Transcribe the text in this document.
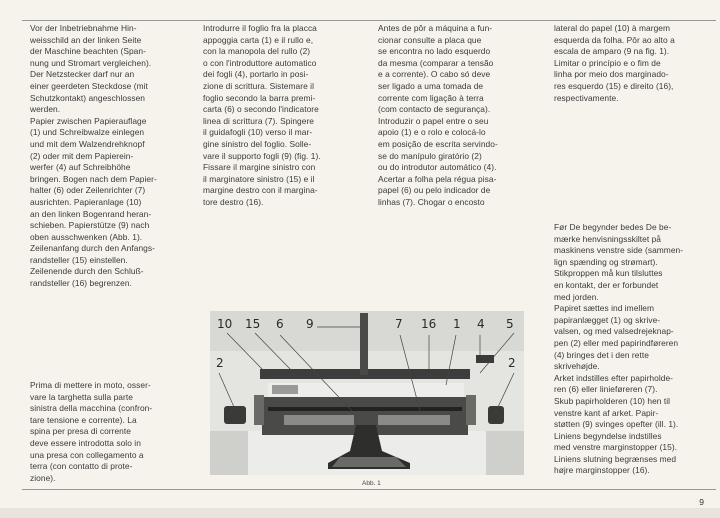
Vor der Inbetriebnahme Hin-
weisschild an der linken Seite
der Maschine beachten (Span-
nung und Stromart vergleichen).
Der Netzstecker darf nur an
einer geerdeten Steckdose (mit
Schutzkontakt) angeschlossen
werden.
Papier zwischen Papierauflage
(1) und Schreibwalze einlegen
und mit dem Walzendrehknopf
(2) oder mit dem Papierein-
werfer (4) auf Schreibhöhe
bringen. Bogen nach dem Papier-
halter (6) oder Zeilenrichter (7)
ausrichten. Papieranlage (10)
an den linken Bogenrand heran-
schieben. Papierstütze (9) nach
oben ausschwenken (Abb. 1).
Zeilenanfang durch den Anfangs-
randsteller (15) einstellen.
Zeilenende durch den Schluß-
randsteller (16) begrenzen.
Introdurre il foglio fra la placca
appoggia carta (1) e il rullo e,
con la manopola del rullo (2)
o con l'introduttore automatico
dei fogli (4), portarlo in posi-
zione di scrittura. Sistemare il
foglio secondo la barra premi-
carta (6) o secondo l'indicatore
linea di scrittura (7). Spingere
il guidafogli (10) verso il mar-
gine sinistro del foglio. Solle-
vare il supporto fogli (9) (fig. 1).
Fissare il margine sinistro con
il marginatore sinistro (15) e il
margine destro con il margina-
tore destro (16).
Antes de pôr a máquina a fun-
cionar consulte a placa que
se encontra no lado esquerdo
da mesma (comparar a tensão
e a corrente). O cabo só deve
ser ligado a uma tomada de
corrente com ligação à terra
(com contacto de segurança).
Introduzir o papel entre o seu
apoio (1) e o rolo e colocá-lo
em posição de escrita servindo-
se do manípulo giratório (2)
ou do introdutor automático (4).
Acertar a folha pela régua pisa-
papel (6) ou pelo indicador de
linhas (7). Chogar o encosto
lateral do papel (10) à margem
esquerda da folha. Pôr ao alto a
escala de amparo (9 na fig. 1).
Limitar o princípio e o fim de
linha por meio dos marginado-
res esquerdo (15) e direito (16),
respectivamente.
Før De begynder bedes De be-
mærke henvisningsskiltet på
maskinens venstre side (sammen-
lign spænding og strømart).
Stikproppen må kun tilsluttes
en kontakt, der er forbundet
med jorden.
Papiret sættes ind imellem
papiranlægget (1) og skrive-
valsen, og med valsedrejeknap-
pen (2) eller med papirindføreren
(4) bringes det i den rette
skrivehøjde.
Arket indstilles efter papirholde-
ren (6) eller linieføreren (7).
Skub papirholderen (10) hen til
venstre kant af arket. Papir-
støtten (9) svinges opefter (ill. 1).
Liniens begyndelse indstilles
med venstre marginstopper (15).
Liniens slutning begrænses med
højre marginstopper (16).
Prima di mettere in moto, osser-
vare la targhetta sulla parte
sinistra della macchina (confron-
tare tensione e corrente). La
spina per presa di corrente
deve essere introdotta solo in
una presa con collegamento a
terra (con contatto di prote-
zione).
10 15 6 9	7 16 1 4 5
2	2
Abb. 1
9
